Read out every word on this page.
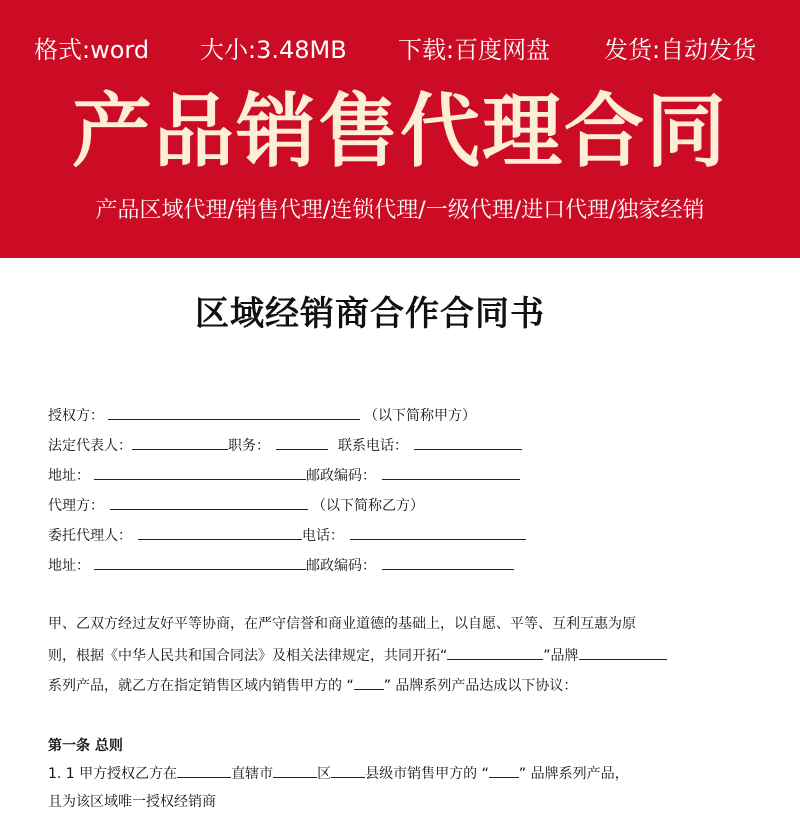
格式:word 大小:3.48MB 下载:百度网盘 发货:自动发货
产品销售代理合同
产品区域代理/销售代理/连锁代理/一级代理/进口代理/独家经销
区域经销商合作合同书
授权方：	（以下简称甲方）
法定代表人：	职务：	联系电话：
地址：	邮政编码：
代理方：	（以下简称乙方）
委托代理人：	电话：
地址：	邮政编码：
甲、乙双方经过友好平等协商，在严守信誉和商业道德的基础上，以自愿、平等、互利互惠为原
则，根据《中华人民共和国合同法》及相关法律规定，共同开拓“	”品牌
系列产品，就乙方在指定销售区域内销售甲方的 “ ” 品牌系列产品达成以下协议：
第一条 总则
1. 1 甲方授权乙方在	直辖市	区 县级市销售甲方的 “ ” 品牌系列产品，
且为该区域唯一授权经销商
